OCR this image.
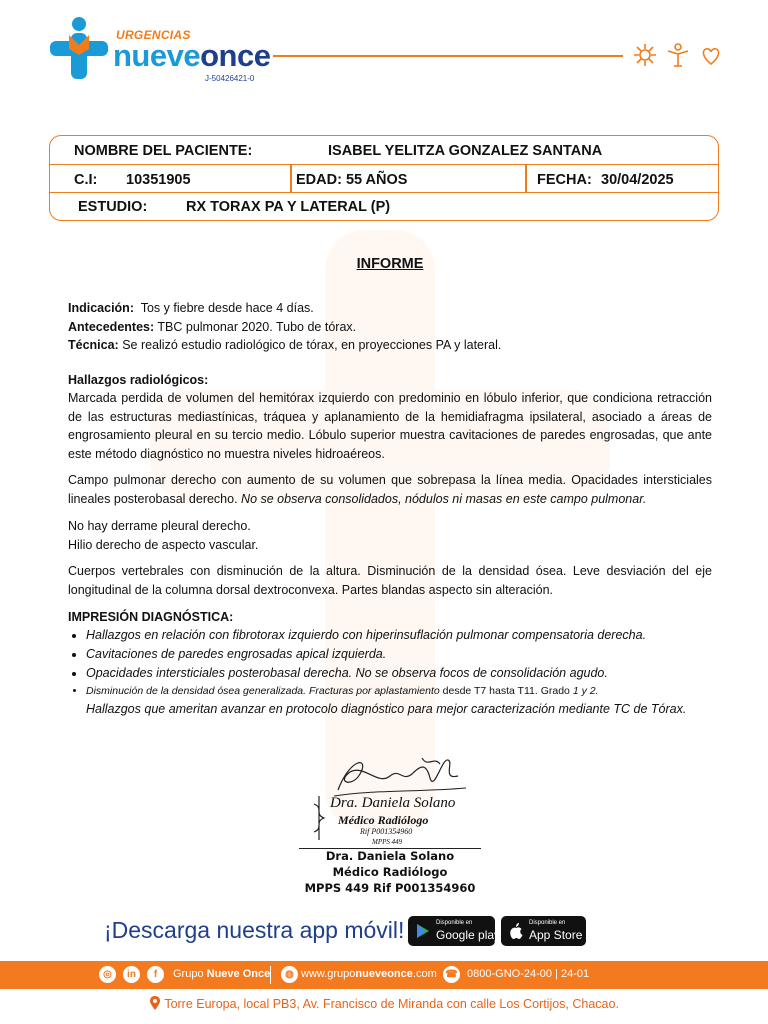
URGENCIAS
nueveonce
J-50426421-0
NOMBRE DEL PACIENTE:	ISABEL YELITZA GONZALEZ SANTANA
C.I: 10351905	EDAD: 55 AÑOS	FECHA: 30/04/2025
ESTUDIO:	RX TORAX PA Y LATERAL (P)
INFORME
Indicación: Tos y fiebre desde hace 4 días.
Antecedentes: TBC pulmonar 2020. Tubo de tórax.
Técnica: Se realizó estudio radiológico de tórax, en proyecciones PA y lateral.
Hallazgos radiológicos:
Marcada perdida de volumen del hemitórax izquierdo con predominio en lóbulo inferior, que condiciona retracción de las estructuras mediastínicas, tráquea y aplanamiento de la hemidiafragma ipsilateral, asociado a áreas de engrosamiento pleural en su tercio medio. Lóbulo superior muestra cavitaciones de paredes engrosadas, que ante este método diagnóstico no muestra niveles hidroaéreos.
Campo pulmonar derecho con aumento de su volumen que sobrepasa la línea media. Opacidades intersticiales lineales posterobasal derecho. No se observa consolidados, nódulos ni masas en este campo pulmonar.
No hay derrame pleural derecho.
Hilio derecho de aspecto vascular.
Cuerpos vertebrales con disminución de la altura. Disminución de la densidad ósea. Leve desviación del eje longitudinal de la columna dorsal dextroconvexa. Partes blandas aspecto sin alteración.
IMPRESIÓN DIAGNÓSTICA:
• Hallazgos en relación con fibrotorax izquierdo con hiperinsuflación pulmonar compensatoria derecha.
• Cavitaciones de paredes engrosadas apical izquierda.
• Opacidades intersticiales posterobasal derecha. No se observa focos de consolidación agudo.
• Disminución de la densidad ósea generalizada. Fracturas por aplastamiento desde T7 hasta T11. Grado 1 y 2.
Hallazgos que ameritan avanzar en protocolo diagnóstico para mejor caracterización mediante TC de Tórax.
Dra. Daniela Solano
Médico Radiólogo
Rif P001354960
MPPS 449
Dra. Daniela Solano
Médico Radiólogo
MPPS 449 Rif P001354960
¡Descarga nuestra app móvil!	Disponible en
Google play
Disponible en
App Store
◎	in	f	Grupo Nueve Once	◍ www.gruponueveonce.com ☎ 0800-GNO-24-00 | 24-01
Torre Europa, local PB3, Av. Francisco de Miranda con calle Los Cortijos, Chacao.
